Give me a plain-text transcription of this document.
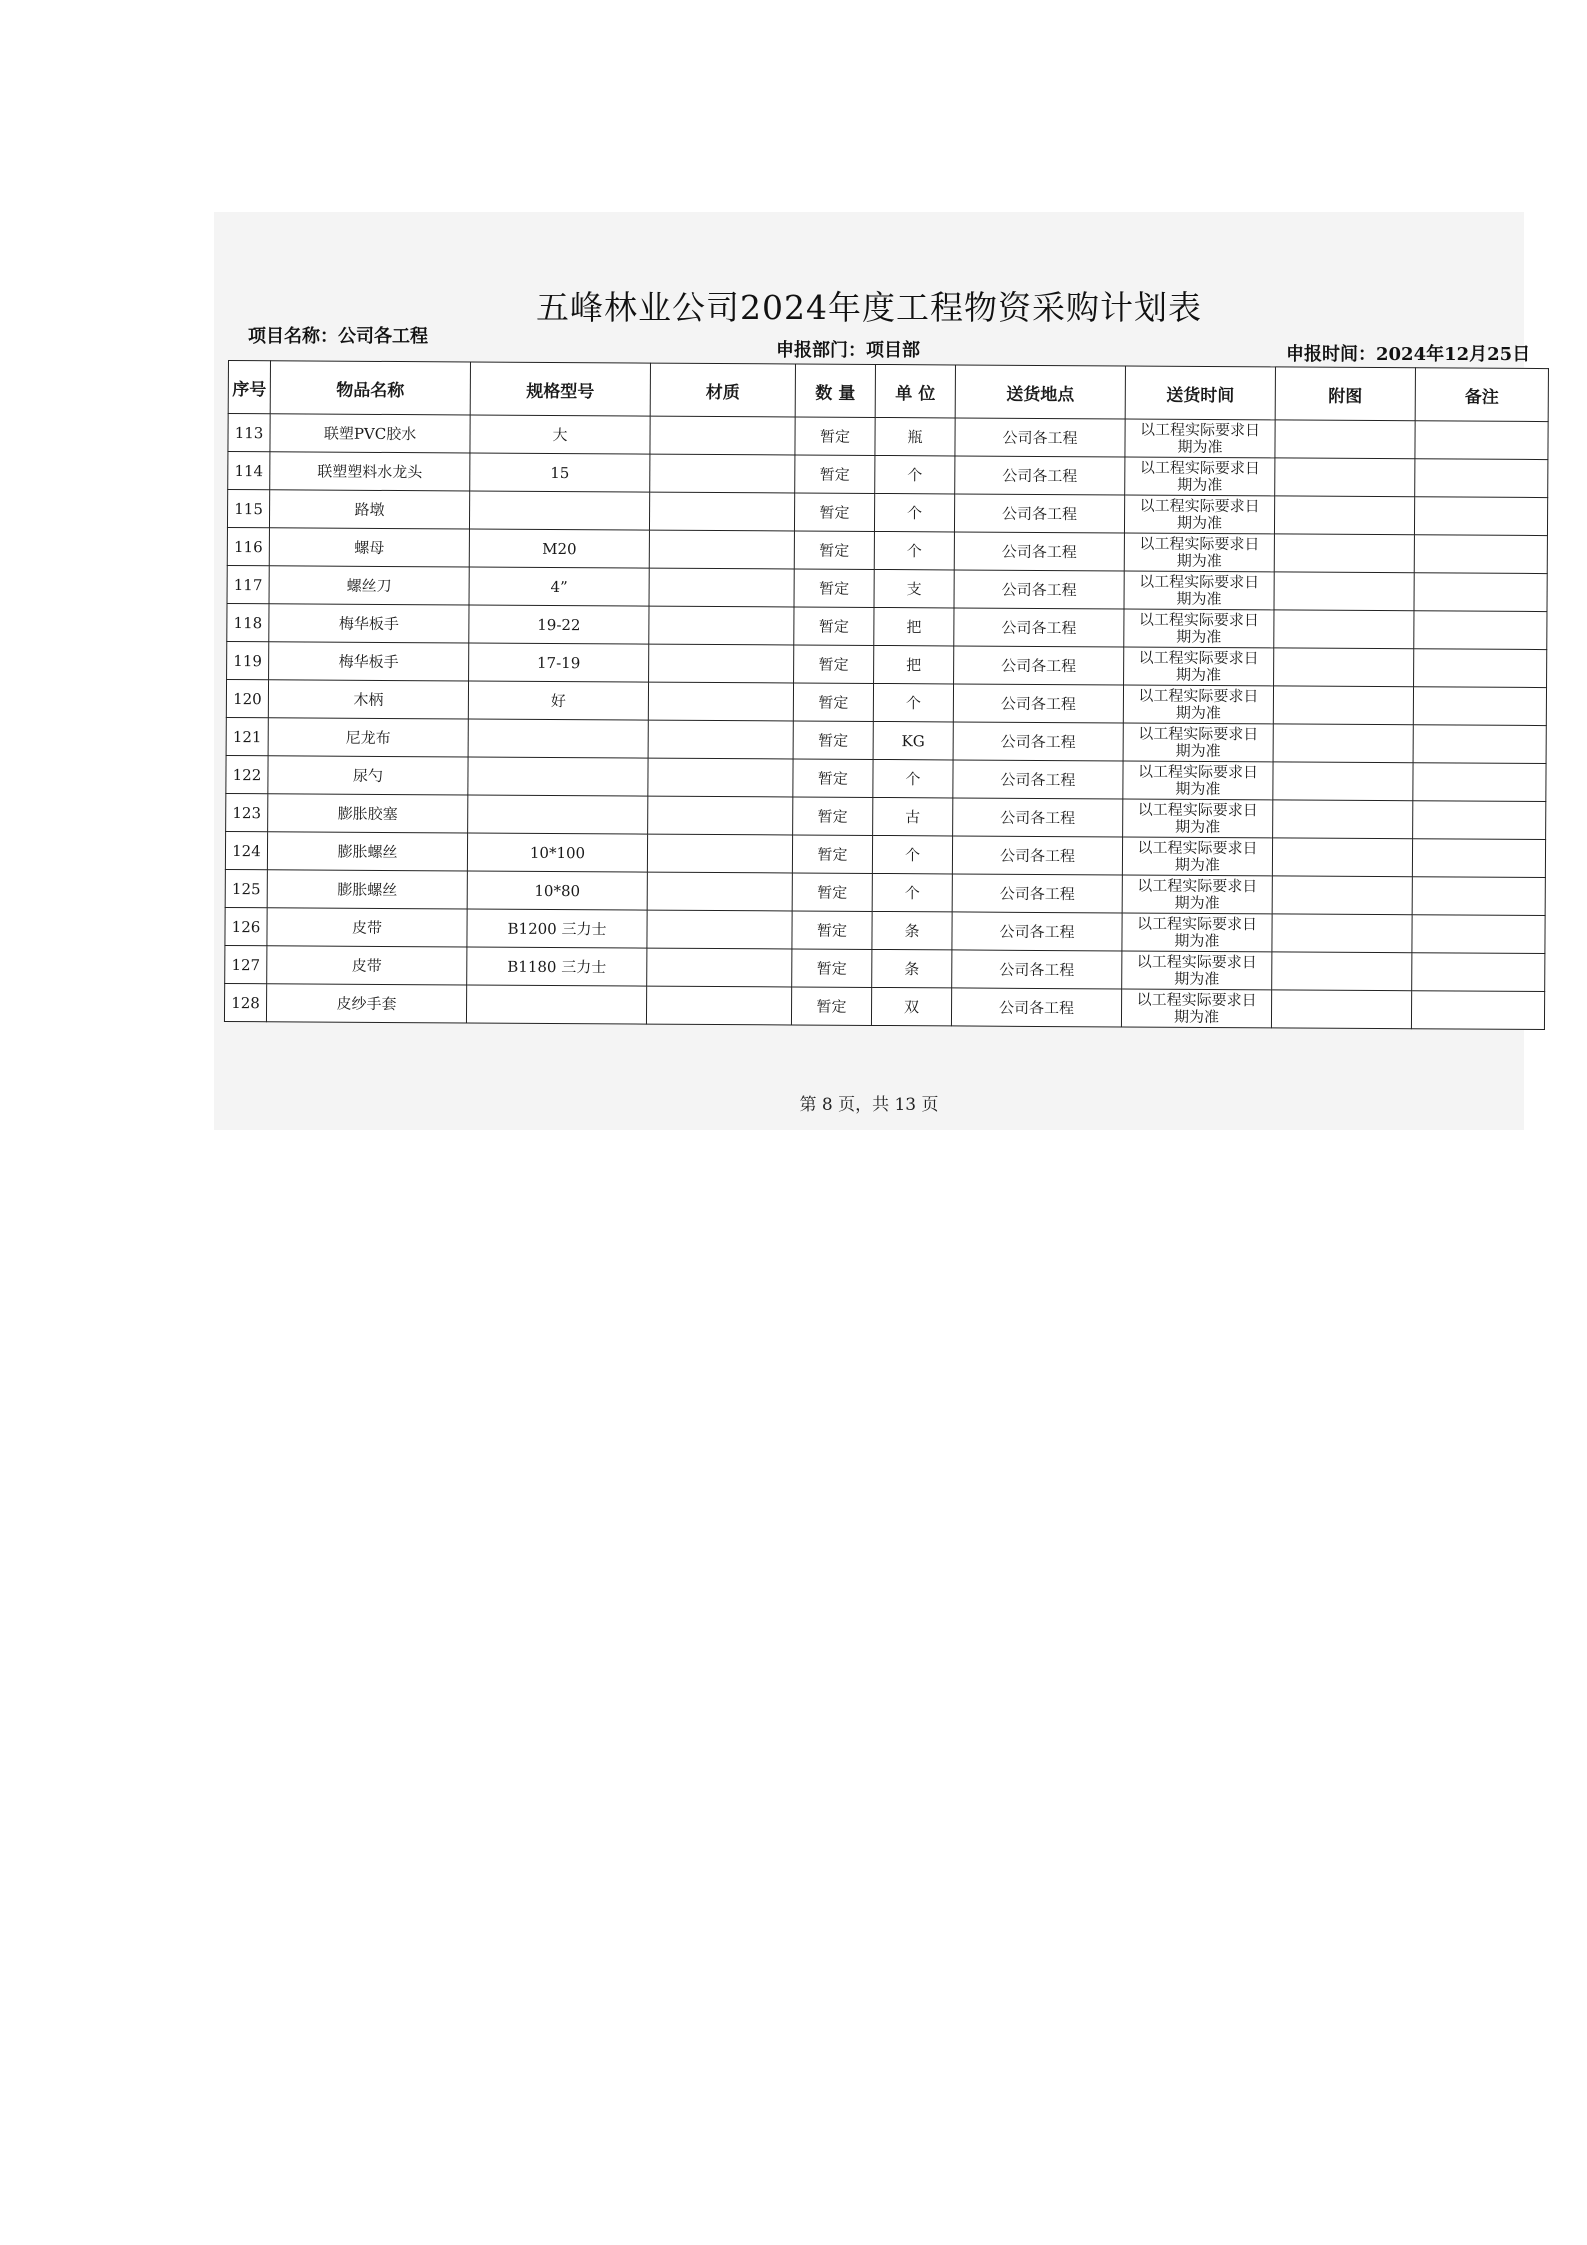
五峰林业公司2024年度工程物资采购计划表
项目名称：公司各工程
申报部门：项目部	申报时间：2024年12月25日
序号	物品名称	规格型号	材质	数 量	单 位	送货地点	送货时间	附图	备注
113	联塑PVC胶水	大		暂定	瓶	公司各工程	以工程实际要求日
期为准		

114	联塑塑料水龙头	15		暂定	个	公司各工程	以工程实际要求日
期为准		

115	路墩			暂定	个	公司各工程	以工程实际要求日
期为准		

116	螺母	M20		暂定	个	公司各工程	以工程实际要求日
期为准		

117	螺丝刀	4”		暂定	支	公司各工程	以工程实际要求日
期为准		

118	梅华板手	19-22		暂定	把	公司各工程	以工程实际要求日
期为准		

119	梅华板手	17-19		暂定	把	公司各工程	以工程实际要求日
期为准		

120	木柄	好		暂定	个	公司各工程	以工程实际要求日
期为准		

121	尼龙布			暂定	KG	公司各工程	以工程实际要求日
期为准		

122	尿勺			暂定	个	公司各工程	以工程实际要求日
期为准		

123	膨胀胶塞			暂定	古	公司各工程	以工程实际要求日
期为准		

124	膨胀螺丝	10*100		暂定	个	公司各工程	以工程实际要求日
期为准		

125	膨胀螺丝	10*80		暂定	个	公司各工程	以工程实际要求日
期为准		

126	皮带	B1200 三力士		暂定	条	公司各工程	以工程实际要求日
期为准		

127	皮带	B1180 三力士		暂定	条	公司各工程	以工程实际要求日
期为准		

128	皮纱手套			暂定	双	公司各工程	以工程实际要求日
期为准		

第 8 页，共 13 页
